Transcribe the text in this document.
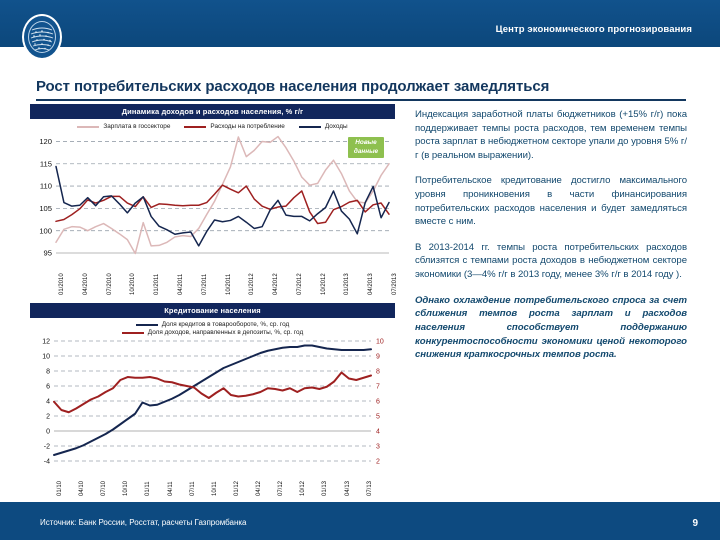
Центр экономического прогнозирования
Рост потребительских расходов населения продолжает замедляться
Динамика доходов и расходов населения, % г/г
Зарплата в госсекторе	Расходы на потребление	Доходы
95
100
105
110
115
120	Новые данные
01/2010	04/2010	07/2010	10/2010	01/2011	04/2011	07/2011	10/2011	01/2012	04/2012	07/2012	10/2012	01/2013	04/2013	07/2013
Кредитование населения
Доля кредитов в товарообороте, %, ср. год
Доля доходов, направленных в депозиты, %, ср. год
-4
-2
0
2
4
6
8
10
12
2
3
4
5
6
7
8
9
10
01/10	04/10	07/10	10/10	01/11	04/11	07/11	10/11	01/12	04/12	07/12	10/12	01/13	04/13	07/13
Индексация заработной платы бюджетников (+15% г/г) пока поддерживает темпы роста расходов, тем временем темпы роста зарплат в небюджетном секторе упали до уровня 5% г/г (в реальном выражении).
Потребительское кредитование достигло максимального уровня проникновения в части финансирования потребительских расходов населения и будет замедляться вместе с ним.
В 2013-2014 гг. темпы роста потребительских расходов сблизятся с темпами роста доходов в небюджетном секторе экономики (3—4% г/г в 2013 году, менее 3% г/г в 2014 году ).
Однако охлаждение потребительского спроса за счет сближения темпов роста зарплат и расходов населения способствует поддержанию конкурентоспособности экономики ценой некоторого снижения краткосрочных темпов роста.
Источник: Банк России, Росстат, расчеты Газпромбанка	9
